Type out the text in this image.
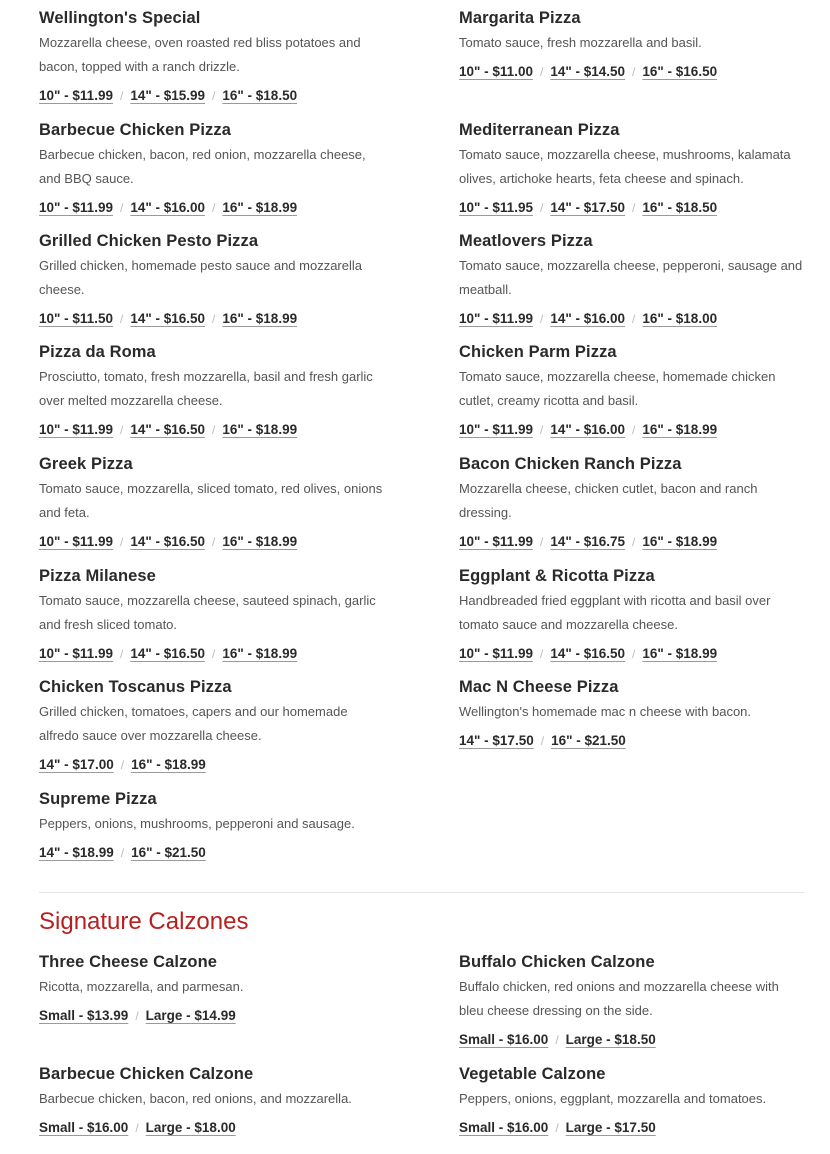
Wellington's Special
Mozzarella cheese, oven roasted red bliss potatoes and bacon, topped with a ranch drizzle.
10" - $11.99 / 14" - $15.99 / 16" - $18.50
Barbecue Chicken Pizza
Barbecue chicken, bacon, red onion, mozzarella cheese, and BBQ sauce.
10" - $11.99 / 14" - $16.00 / 16" - $18.99
Grilled Chicken Pesto Pizza
Grilled chicken, homemade pesto sauce and mozzarella cheese.
10" - $11.50 / 14" - $16.50 / 16" - $18.99
Pizza da Roma
Prosciutto, tomato, fresh mozzarella, basil and fresh garlic over melted mozzarella cheese.
10" - $11.99 / 14" - $16.50 / 16" - $18.99
Greek Pizza
Tomato sauce, mozzarella, sliced tomato, red olives, onions and feta.
10" - $11.99 / 14" - $16.50 / 16" - $18.99
Pizza Milanese
Tomato sauce, mozzarella cheese, sauteed spinach, garlic and fresh sliced tomato.
10" - $11.99 / 14" - $16.50 / 16" - $18.99
Chicken Toscanus Pizza
Grilled chicken, tomatoes, capers and our homemade alfredo sauce over mozzarella cheese.
14" - $17.00 / 16" - $18.99
Supreme Pizza
Peppers, onions, mushrooms, pepperoni and sausage.
14" - $18.99 / 16" - $21.50
Margarita Pizza
Tomato sauce, fresh mozzarella and basil.
10" - $11.00 / 14" - $14.50 / 16" - $16.50
Mediterranean Pizza
Tomato sauce, mozzarella cheese, mushrooms, kalamata olives, artichoke hearts, feta cheese and spinach.
10" - $11.95 / 14" - $17.50 / 16" - $18.50
Meatlovers Pizza
Tomato sauce, mozzarella cheese, pepperoni, sausage and meatball.
10" - $11.99 / 14" - $16.00 / 16" - $18.00
Chicken Parm Pizza
Tomato sauce, mozzarella cheese, homemade chicken cutlet, creamy ricotta and basil.
10" - $11.99 / 14" - $16.00 / 16" - $18.99
Bacon Chicken Ranch Pizza
Mozzarella cheese, chicken cutlet, bacon and ranch dressing.
10" - $11.99 / 14" - $16.75 / 16" - $18.99
Eggplant & Ricotta Pizza
Handbreaded fried eggplant with ricotta and basil over tomato sauce and mozzarella cheese.
10" - $11.99 / 14" - $16.50 / 16" - $18.99
Mac N Cheese Pizza
Wellington's homemade mac n cheese with bacon.
14" - $17.50 / 16" - $21.50
Signature Calzones
Three Cheese Calzone
Ricotta, mozzarella, and parmesan.
Small - $13.99 / Large - $14.99
Barbecue Chicken Calzone
Barbecue chicken, bacon, red onions, and mozzarella.
Small - $16.00 / Large - $18.00
Buffalo Chicken Calzone
Buffalo chicken, red onions and mozzarella cheese with bleu cheese dressing on the side.
Small - $16.00 / Large - $18.50
Vegetable Calzone
Peppers, onions, eggplant, mozzarella and tomatoes.
Small - $16.00 / Large - $17.50
